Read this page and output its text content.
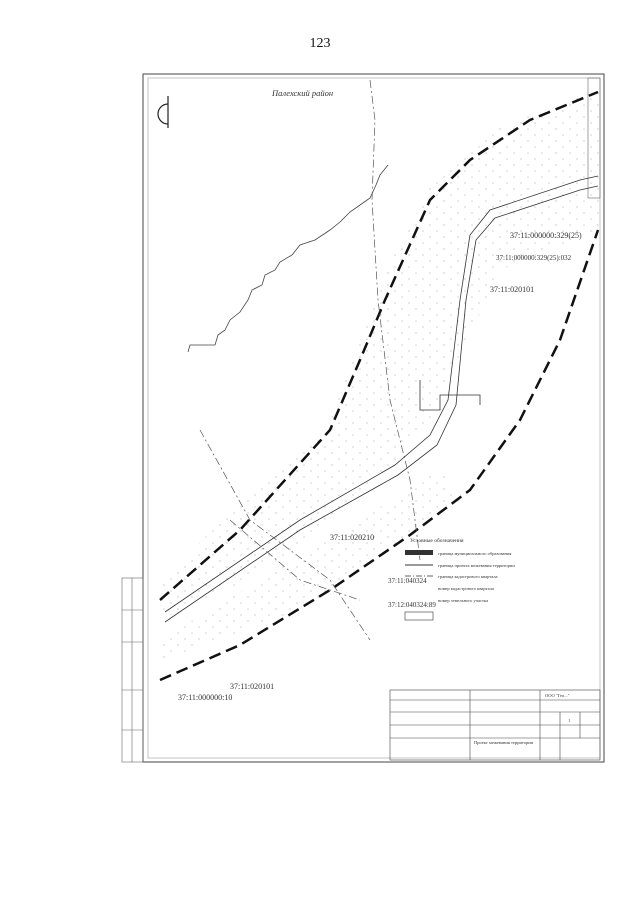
123
Палехский район
37:11:000000:329(25)
37:11:000000:329(25):032
37:11:020101
37:11:020210
37:11:040324
37:12:040324:89
37:11:020101
37:11:000000:10
Условные обозначения
граница муниципального образования
граница проекта межевания территории
граница кадастрового квартала
номер кадастрового квартала
номер земельного участка
ООО "Гео..."
Проект межевания территории
1
